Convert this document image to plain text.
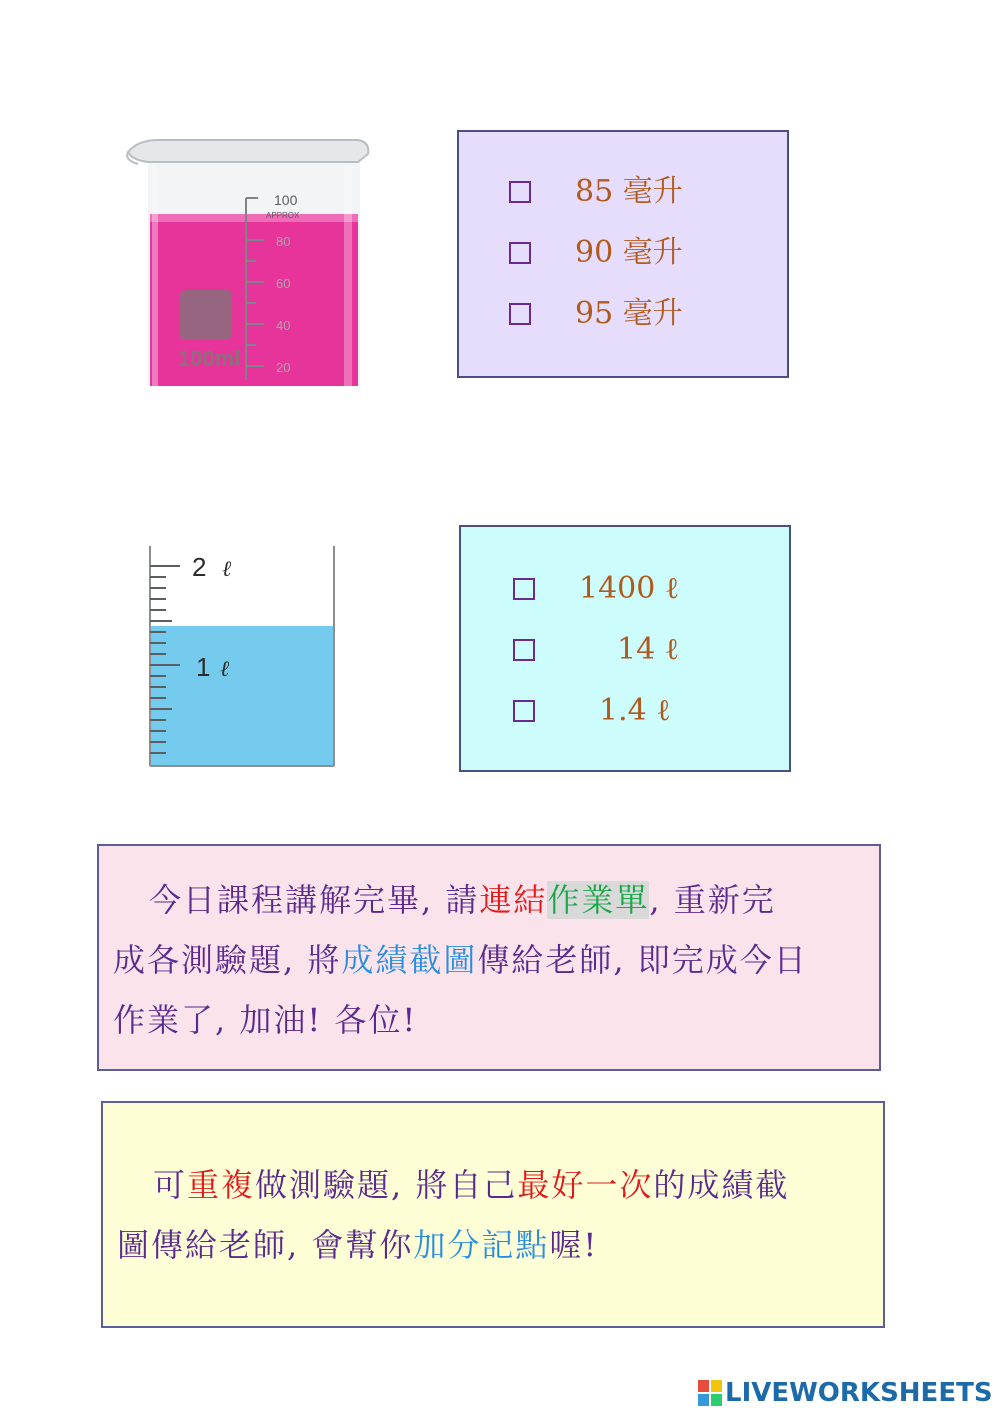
100ml
100
APPROX
80
60
40
20
85 毫升
90 毫升
95 毫升
2 ℓ
1 ℓ
1400 ℓ
14 ℓ
1.4 ℓ
今日課程講解完畢, 請連結作業單, 重新完
成各測驗題, 將成績截圖傳給老師, 即完成今日
作業了, 加油! 各位!
可重複做測驗題, 將自己最好一次的成績截
圖傳給老師, 會幫你加分記點喔!
LIVEWORKSHEETS
